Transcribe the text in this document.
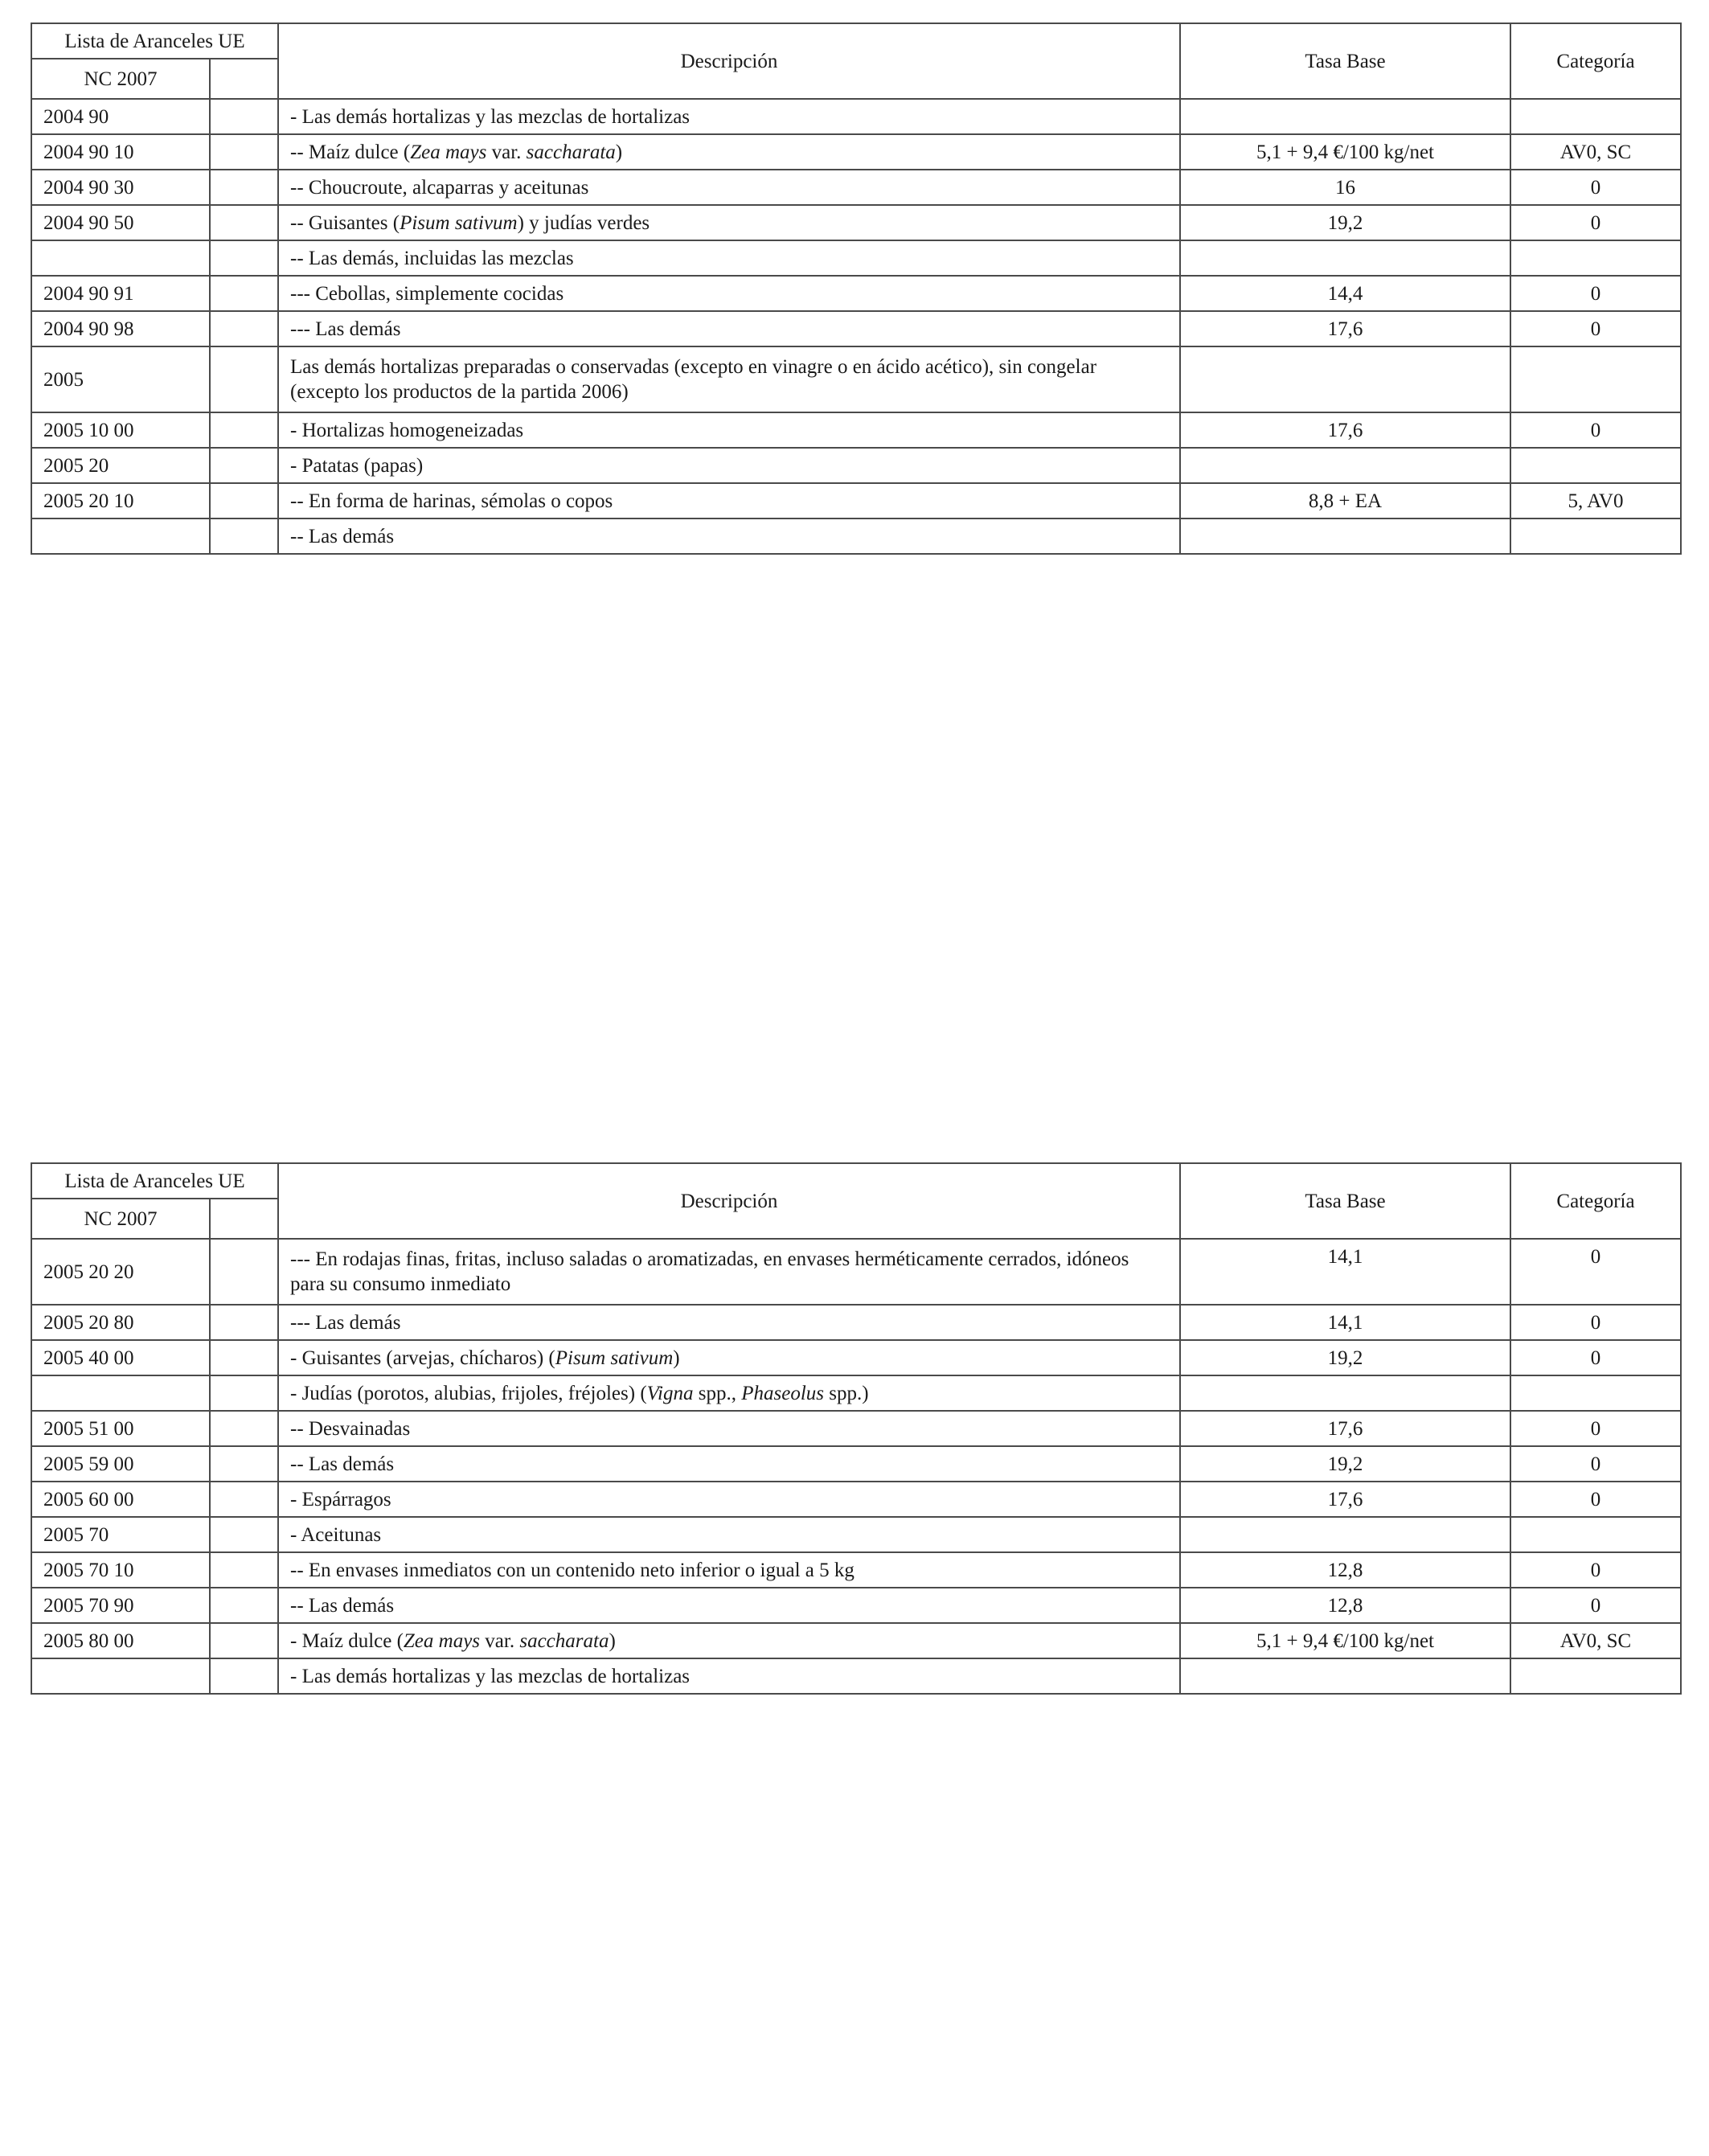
Lista de Aranceles UE		Descripción	Tasa Base	Categoría
NC 2007				
2004 90		- Las demás hortalizas y las mezclas de hortalizas		
2004 90 10		-- Maíz dulce (Zea mays var. saccharata)	5,1 + 9,4 €/100 kg/net	AV0, SC
2004 90 30		-- Choucroute, alcaparras y aceitunas	16	0
2004 90 50		-- Guisantes (Pisum sativum) y judías verdes	19,2	0
		-- Las demás, incluidas las mezclas		
2004 90 91		--- Cebollas, simplemente cocidas	14,4	0
2004 90 98		--- Las demás	17,6	0
2005		Las demás hortalizas preparadas o conservadas (excepto en vinagre o en ácido acético), sin congelar (excepto los productos de la partida 2006)		
2005 10 00		- Hortalizas homogeneizadas	17,6	0
2005 20		- Patatas (papas)		
2005 20 10		-- En forma de harinas, sémolas o copos	8,8 + EA	5, AV0
		-- Las demás		
Lista de Aranceles UE		Descripción	Tasa Base	Categoría
NC 2007				
2005 20 20		--- En rodajas finas, fritas, incluso saladas o aromatizadas, en envases herméticamente cerrados, idóneos para su consumo inmediato	14,1	0
2005 20 80		--- Las demás	14,1	0
2005 40 00		- Guisantes (arvejas, chícharos) (Pisum sativum)	19,2	0
		- Judías (porotos, alubias, frijoles, fréjoles) (Vigna spp., Phaseolus spp.)		
2005 51 00		-- Desvainadas	17,6	0
2005 59 00		-- Las demás	19,2	0
2005 60 00		- Espárragos	17,6	0
2005 70		- Aceitunas		
2005 70 10		-- En envases inmediatos con un contenido neto inferior o igual a 5 kg	12,8	0
2005 70 90		-- Las demás	12,8	0
2005 80 00		- Maíz dulce (Zea mays var. saccharata)	5,1 + 9,4 €/100 kg/net	AV0, SC
		- Las demás hortalizas y las mezclas de hortalizas		
